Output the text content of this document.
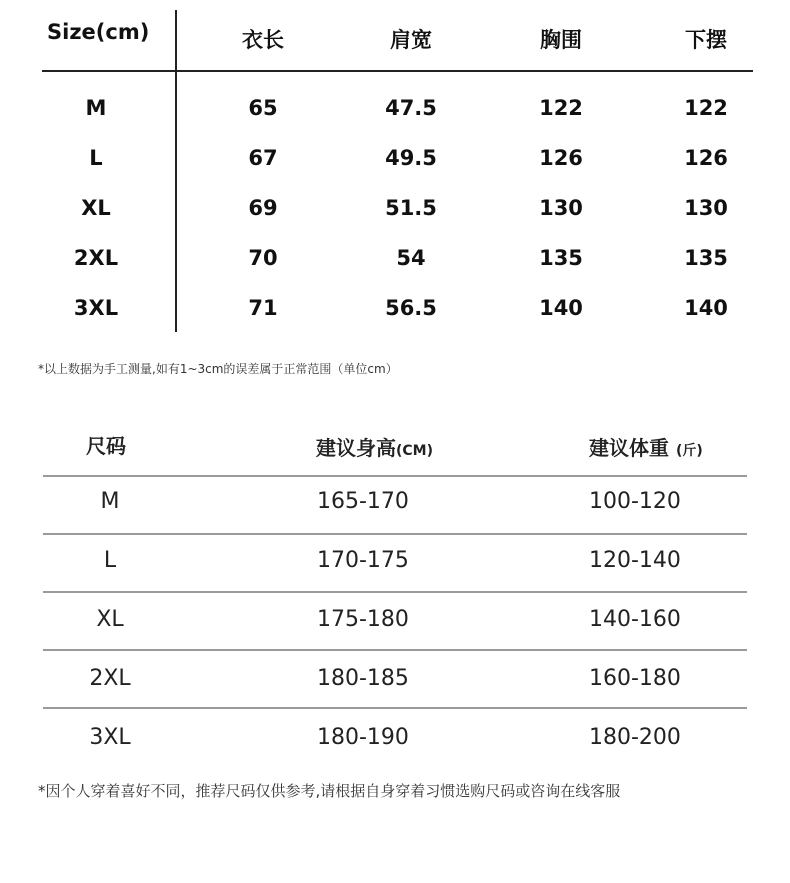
Size(cm)	衣长	肩宽	胸围	下摆
M	65	47.5	122	122
L	67	49.5	126	126
XL	69	51.5	130	130
2XL	70	54	135	135
3XL	71	56.5	140	140
*以上数据为手工测量,如有1~3cm的误差属于正常范围（单位cm）
尺码	建议身高(CM)	建议体重 (斤)
M	165-170	100-120
L	170-175	120-140
XL	175-180	140-160
2XL	180-185	160-180
3XL	180-190	180-200
*因个人穿着喜好不同，推荐尺码仅供参考,请根据自身穿着习惯选购尺码或咨询在线客服
